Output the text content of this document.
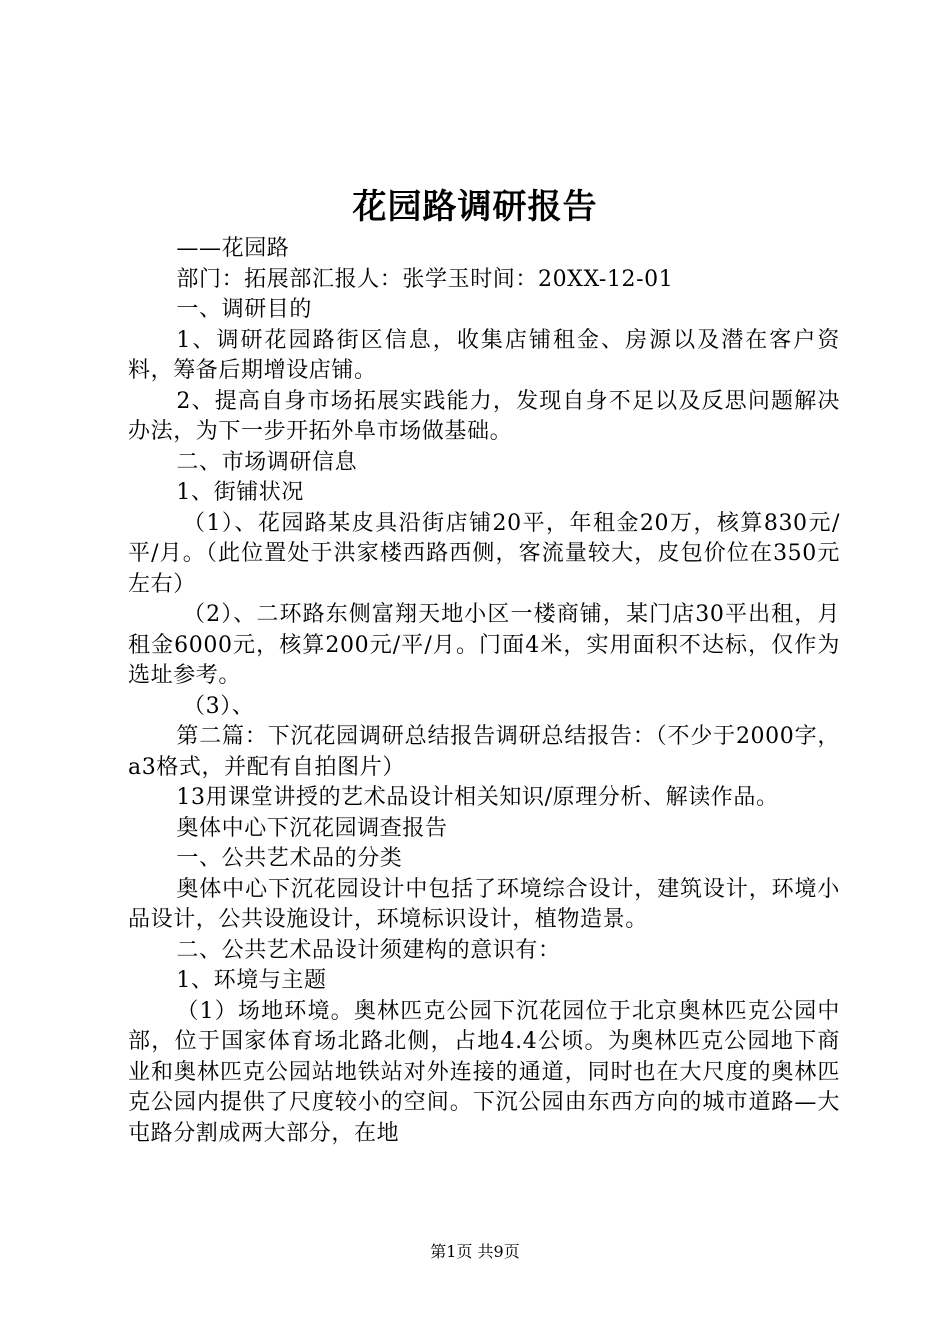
花园路调研报告

——花园路

部门：拓展部汇报人：张学玉时间：20XX-12-01

一、调研目的

1、调研花园路街区信息，收集店铺租金、房源以及潜在客户资料，筹备后期增设店铺。

2、提高自身市场拓展实践能力，发现自身不足以及反思问题解决办法，为下一步开拓外阜市场做基础。

二、市场调研信息

1、街铺状况

（1）、花园路某皮具沿街店铺20平，年租金20万，核算830元/平/月。（此位置处于洪家楼西路西侧，客流量较大，皮包价位在350元左右）

（2）、二环路东侧富翔天地小区一楼商铺，某门店30平出租，月租金6000元，核算200元/平/月。门面4米，实用面积不达标，仅作为选址参考。

（3）、

第二篇：下沉花园调研总结报告调研总结报告：（不少于2000字，a3格式，并配有自拍图片）

13用课堂讲授的艺术品设计相关知识/原理分析、解读作品。

奥体中心下沉花园调查报告

一、公共艺术品的分类

奥体中心下沉花园设计中包括了环境综合设计，建筑设计，环境小品设计，公共设施设计，环境标识设计，植物造景。

二、公共艺术品设计须建构的意识有：

1、环境与主题

（1）场地环境。奥林匹克公园下沉花园位于北京奥林匹克公园中部，位于国家体育场北路北侧，占地4.4公顷。为奥林匹克公园地下商业和奥林匹克公园站地铁站对外连接的通道，同时也在大尺度的奥林匹克公园内提供了尺度较小的空间。下沉公园由东西方向的城市道路—大屯路分割成两大部分，在地

第1页 共9页
